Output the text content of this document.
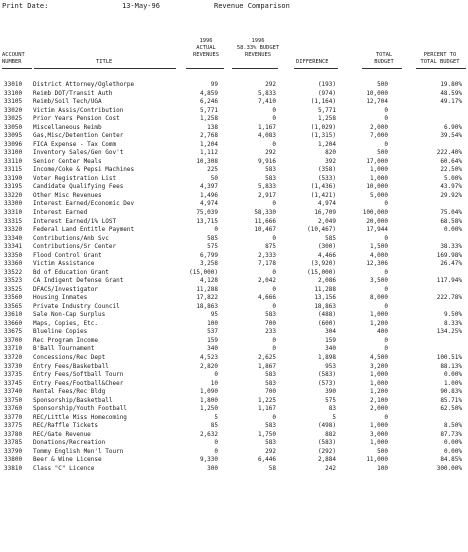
Print Date:	13-May-96	Revenue Comparison
ACCOUNT
NUMBER	TITLE
1996
ACTUAL
REVENUES
1996
58.33% BUDGET
REVENUES
DIFFERENCE
TOTAL
BUDGET
PERCENT TO
TOTAL BUDGET
33010 District Attorney/Oglethorpe	99	292	(193)	500	19.80%
33100 Reimb DOT/Transit Auth	4,859	5,833	(974)	10,000	48.59%
33105 Reimb/Soil Tech/UGA	6,246	7,410	(1,164)	12,704	49.17%
33020 Victim Assis/Contribution	5,771	0	5,771	0
33025 Prior Years Pension Cost	1,258	0	1,258	0
33050 Miscellaneous Reimb	138	1,167	(1,029)	2,000	6.90%
33095 Gas,Misc/Detention Center	2,768	4,083	(1,315)	7,000	39.54%
33096 FICA Expense - Tax Comm	1,204	0	1,204	0
33100 Inventory Sales/Gen Gov't	1,112	292	820	500	222.40%
33110 Senior Center Meals	10,308	9,916	392	17,000	60.64%
33115 Income/Coke & Pepsi Machines	225	583	(358)	1,000	22.50%
33190 Voter Registration List	50	583	(533)	1,000	5.00%
33195 Candidate Qualifying Fees	4,397	5,833	(1,436)	10,000	43.97%
33220 Other Misc Revenues	1,496	2,917	(1,421)	5,000	29.92%
33300 Interest Earned/Economic Dev	4,974	0	4,974	0
33310 Interest Earned	75,039	58,330	16,709	100,000	75.04%
33315 Interest Earned/1% LOST	13,715	11,666	2,049	20,000	68.58%
33320 Federal Land Entitle Payment	0	10,467	(10,467)	17,944	0.00%
33340 Contributions/Anb Svc	585	0	585	0
33341 Contributions/Sr Center	575	875	(300)	1,500	38.33%
33350 Flood Control Grant	6,799	2,333	4,466	4,000	169.98%
33360 Victim Assistance	3,258	7,178	(3,920)	12,306	26.47%
33522 Bd of Education Grant	(15,000)	0	(15,000)	0
33523 CA Indigent Defense Grant	4,128	2,042	2,086	3,500	117.94%
33525 DFACS/Investigator	11,288	0	11,288	0
33560 Housing Inmates	17,822	4,666	13,156	8,000	222.78%
33565 Private Industry Council	18,863	0	18,863	0
33610 Sale Non-Cap Surplus	95	583	(488)	1,000	9.50%
33660 Maps, Copies, Etc.	100	700	(600)	1,200	8.33%
33675 Blueline Copies	537	233	304	400	134.25%
33700 Rec Program Income	159	0	159	0
33710 B'Ball Tournament	340	0	340	0
33720 Concessions/Rec Dept	4,523	2,625	1,898	4,500	100.51%
33730 Entry Fees/Basketball	2,820	1,867	953	3,200	88.13%
33735 Entry Fees/Softball Tourn	0	583	(583)	1,000	0.00%
33745 Entry Fees/Football&Cheer	10	583	(573)	1,000	1.00%
33740 Rental Fees/Rec Bldg	1,090	700	390	1,200	90.83%
33750 Sponsorship/Basketball	1,800	1,225	575	2,100	85.71%
33760 Sponsorship/Youth Football	1,250	1,167	83	2,000	62.50%
33770 REC/Little Miss Homecoming	5	0	5	0
33775 REC/Raffle Tickets	85	583	(498)	1,000	8.50%
33780 REC/Gate Revenue	2,632	1,750	882	3,000	87.73%
33785 Donations/Recreation	0	583	(583)	1,000	0.00%
33790 Tommy English Men'l Tourn	0	292	(292)	500	0.00%
33800 Beer & Wine License	9,330	6,446	2,884	11,000	84.85%
33810 Class "C" Licence	300	58	242	100	300.00%
